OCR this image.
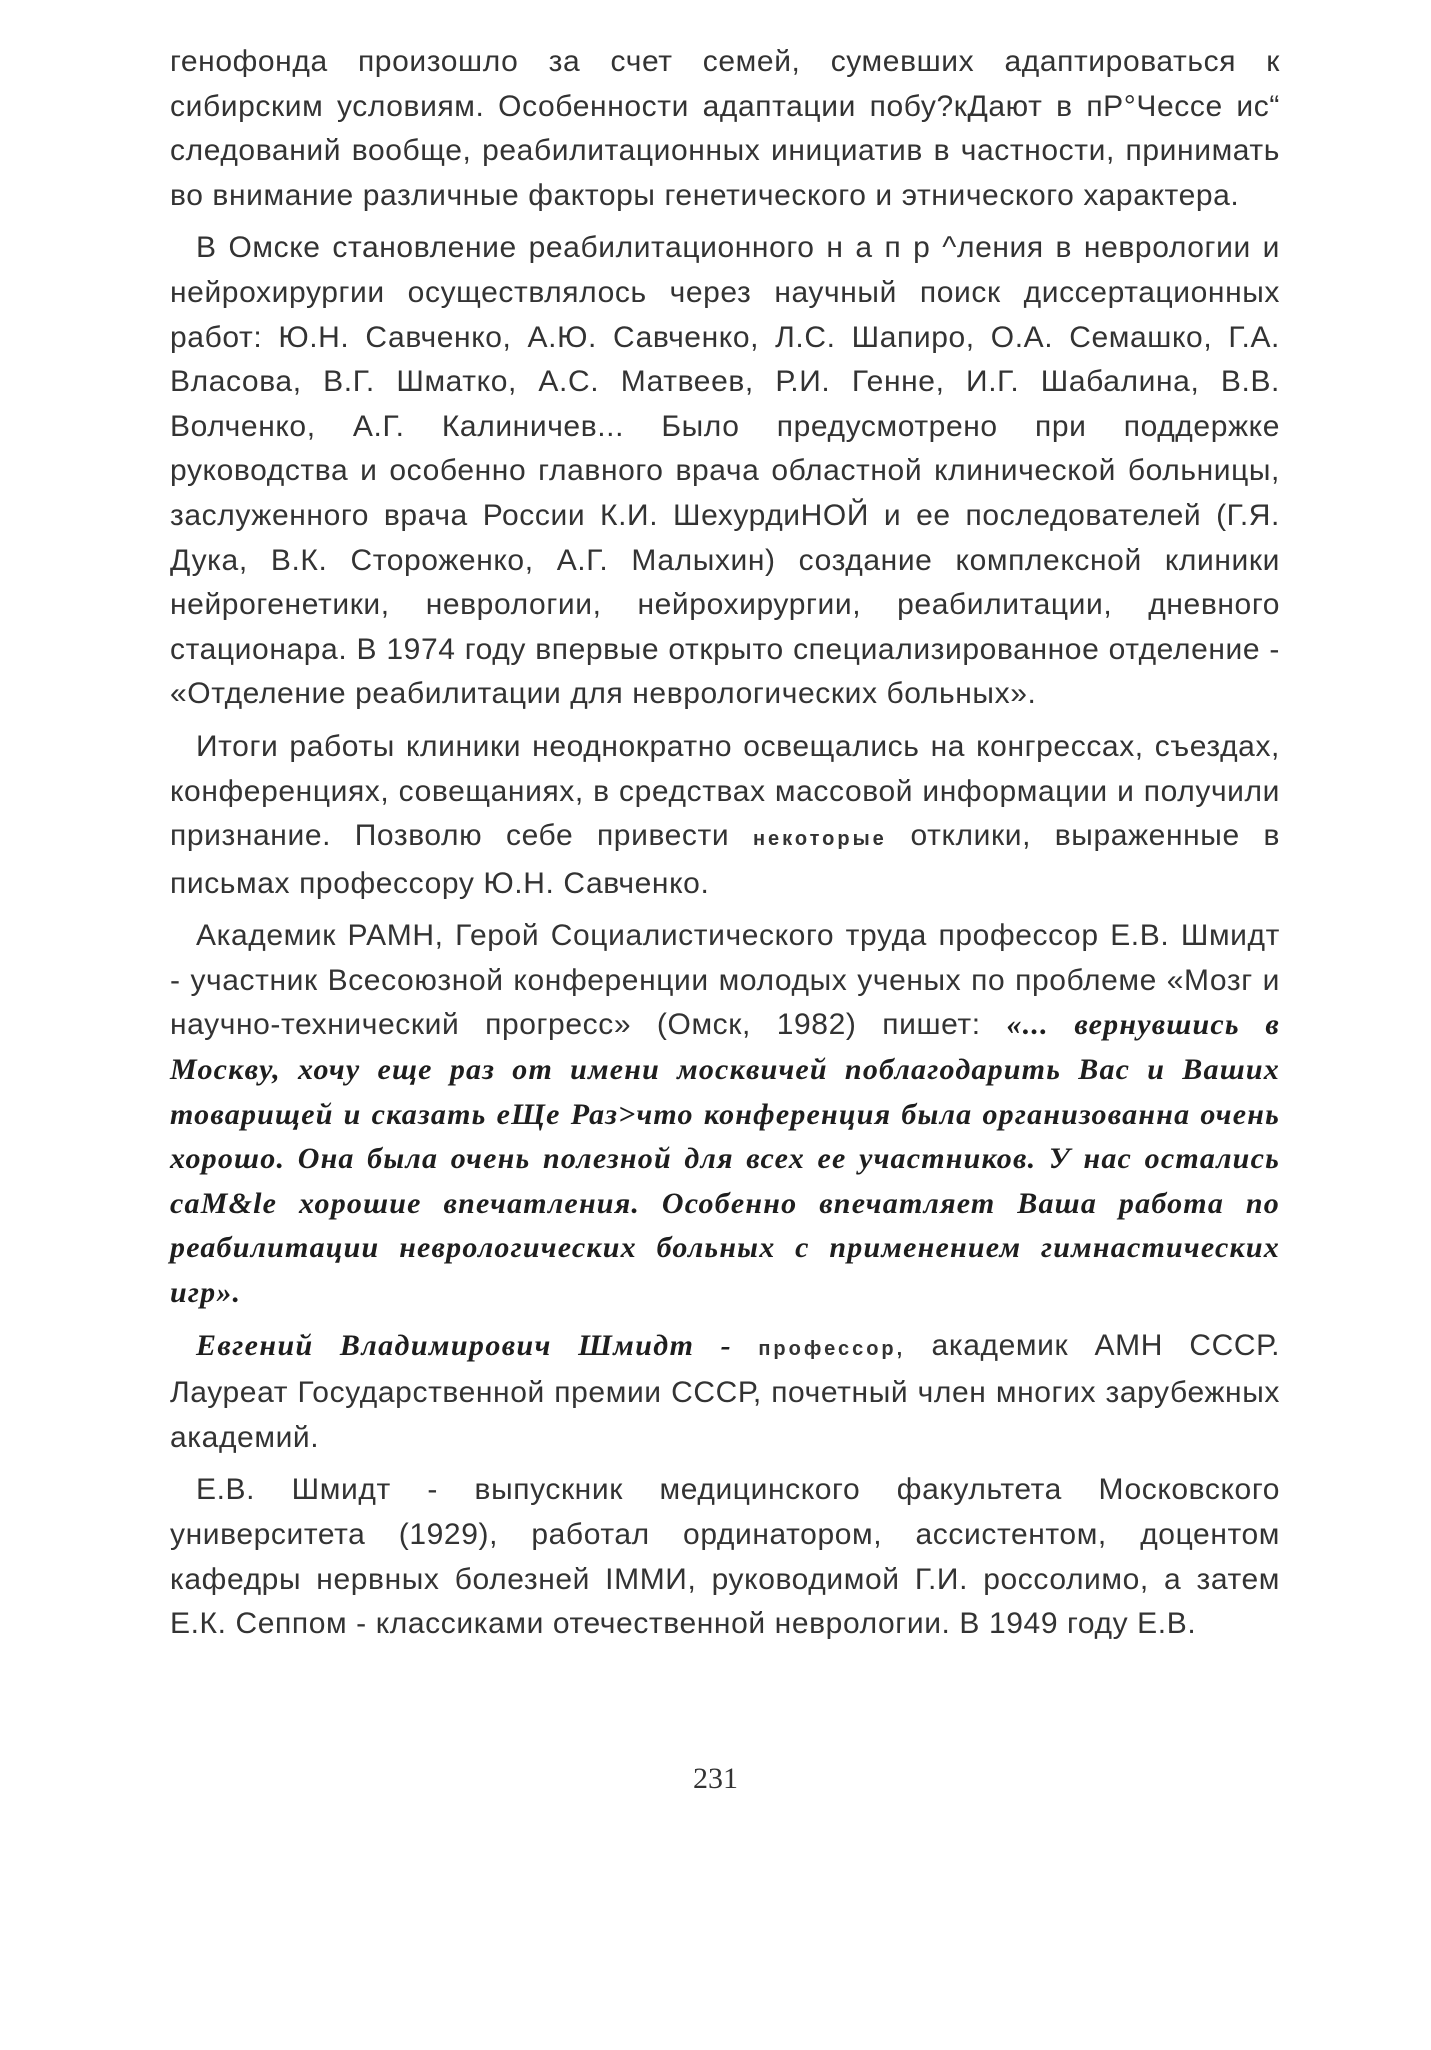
генофонда произошло за счет семей, сумевших адаптироваться к сибирским условиям. Особенности адаптации побу?кДают в пР°Чессе ис“ следований вообще, реабилитационных инициатив в частности, принимать во внимание различные факторы генетического и этнического характера.

В Омске становление реабилитационного н а п р ^ления в неврологии и нейрохирургии осуществлялось через научный поиск диссертационных работ: Ю.Н. Савченко, А.Ю. Савченко, Л.С. Шапиро, О.А. Семашко, Г.А. Власова, В.Г. Шматко, А.С. Матвеев, Р.И. Генне, И.Г. Шабалина, В.В. Волченко, А.Г. Калиничев... Было предусмотрено при поддержке руководства и особенно главного врача областной клинической больницы, заслуженного врача России К.И. ШехурдиНОЙ и ее последователей (Г.Я. Дука, В.К. Стороженко, А.Г. Малыхин) создание комплексной клиники нейрогенетики, неврологии, нейрохирургии, реабилитации, дневного стационара. В 1974 году впервые открыто специализированное отделение - «Отделение реабилитации для неврологических больных».

Итоги работы клиники неоднократно освещались на конгрессах, съездах, конференциях, совещаниях, в средствах массовой информации и получили признание. Позволю себе привести некоторые отклики, выраженные в письмах профессору Ю.Н. Савченко.

Академик РАМН, Герой Социалистического труда профессор Е.В. Шмидт - участник Всесоюзной конференции молодых ученых по проблеме «Мозг и научно-технический прогресс» (Омск, 1982) пишет: «... вернувшись в Москву, хочу еще раз от имени москвичей поблагодарить Вас и Ваших товарищей и сказать еЩе Раз>что конференция была организованна очень хорошо. Она была очень полезной для всех ее участников. У нас остались caM&le хорошие впечатления. Особенно впечатляет Ваша работа по реабилитации неврологических больных с применением гимнастических игр».

Евгений Владимирович Шмидт - профессор, академик АМН СССР. Лауреат Государственной премии СССР, почетный член многих зарубежных академий.

Е.В. Шмидт - выпускник медицинского факультета Московского университета (1929), работал ординатором, ассистентом, доцентом кафедры нервных болезней IММИ, руководимой Г.И. россолимо, а затем Е.К. Сеппом - классиками отечественной неврологии. В 1949 году Е.В.

231
